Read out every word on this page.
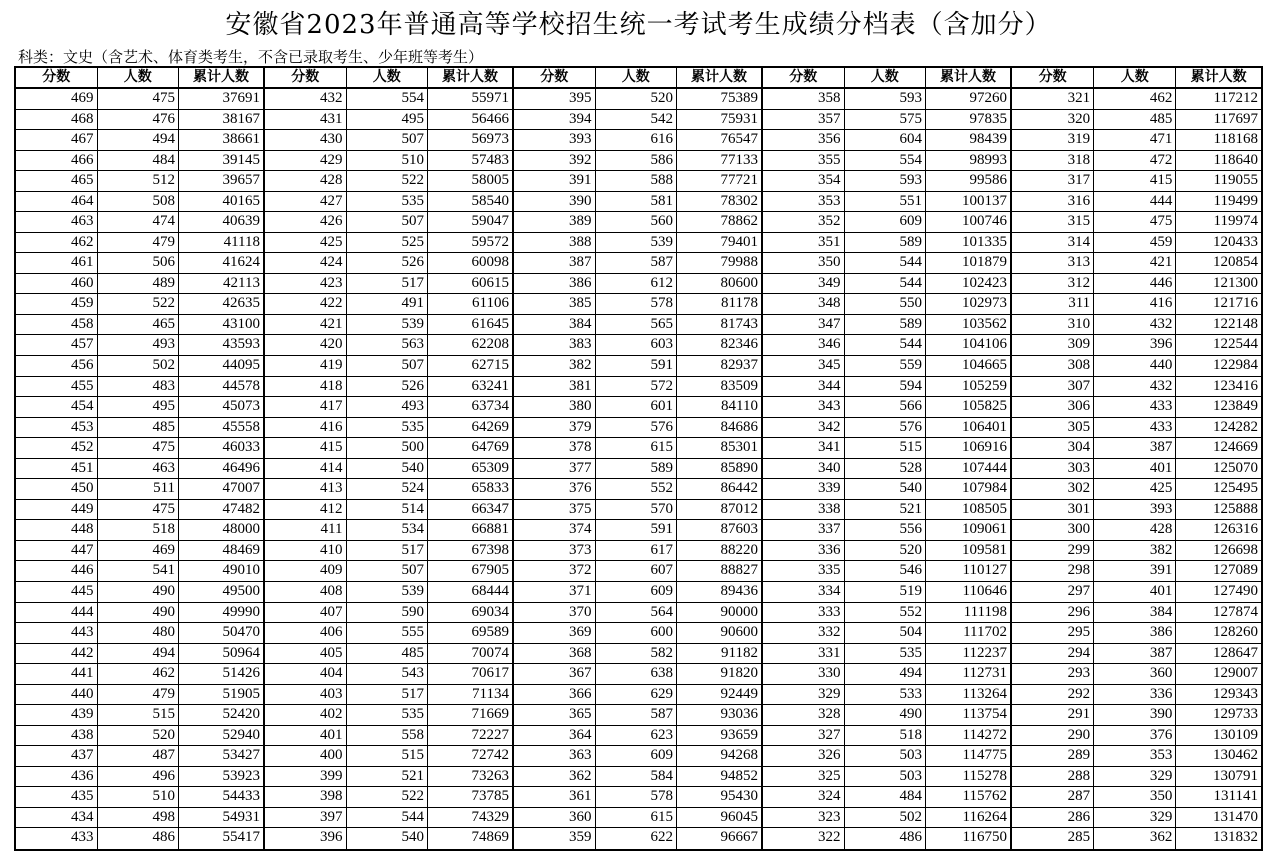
安徽省2023年普通高等学校招生统一考试考生成绩分档表（含加分）
科类：文史（含艺术、体育类考生，不含已录取考生、少年班等考生）
分数	人数	累计人数
469	475	37691
468	476	38167
467	494	38661
466	484	39145
465	512	39657
464	508	40165
463	474	40639
462	479	41118
461	506	41624
460	489	42113
459	522	42635
458	465	43100
457	493	43593
456	502	44095
455	483	44578
454	495	45073
453	485	45558
452	475	46033
451	463	46496
450	511	47007
449	475	47482
448	518	48000
447	469	48469
446	541	49010
445	490	49500
444	490	49990
443	480	50470
442	494	50964
441	462	51426
440	479	51905
439	515	52420
438	520	52940
437	487	53427
436	496	53923
435	510	54433
434	498	54931
433	486	55417
分数	人数	累计人数
432	554	55971
431	495	56466
430	507	56973
429	510	57483
428	522	58005
427	535	58540
426	507	59047
425	525	59572
424	526	60098
423	517	60615
422	491	61106
421	539	61645
420	563	62208
419	507	62715
418	526	63241
417	493	63734
416	535	64269
415	500	64769
414	540	65309
413	524	65833
412	514	66347
411	534	66881
410	517	67398
409	507	67905
408	539	68444
407	590	69034
406	555	69589
405	485	70074
404	543	70617
403	517	71134
402	535	71669
401	558	72227
400	515	72742
399	521	73263
398	522	73785
397	544	74329
396	540	74869
分数	人数	累计人数
395	520	75389
394	542	75931
393	616	76547
392	586	77133
391	588	77721
390	581	78302
389	560	78862
388	539	79401
387	587	79988
386	612	80600
385	578	81178
384	565	81743
383	603	82346
382	591	82937
381	572	83509
380	601	84110
379	576	84686
378	615	85301
377	589	85890
376	552	86442
375	570	87012
374	591	87603
373	617	88220
372	607	88827
371	609	89436
370	564	90000
369	600	90600
368	582	91182
367	638	91820
366	629	92449
365	587	93036
364	623	93659
363	609	94268
362	584	94852
361	578	95430
360	615	96045
359	622	96667
分数	人数	累计人数
358	593	97260
357	575	97835
356	604	98439
355	554	98993
354	593	99586
353	551	100137
352	609	100746
351	589	101335
350	544	101879
349	544	102423
348	550	102973
347	589	103562
346	544	104106
345	559	104665
344	594	105259
343	566	105825
342	576	106401
341	515	106916
340	528	107444
339	540	107984
338	521	108505
337	556	109061
336	520	109581
335	546	110127
334	519	110646
333	552	111198
332	504	111702
331	535	112237
330	494	112731
329	533	113264
328	490	113754
327	518	114272
326	503	114775
325	503	115278
324	484	115762
323	502	116264
322	486	116750
分数	人数	累计人数
321	462	117212
320	485	117697
319	471	118168
318	472	118640
317	415	119055
316	444	119499
315	475	119974
314	459	120433
313	421	120854
312	446	121300
311	416	121716
310	432	122148
309	396	122544
308	440	122984
307	432	123416
306	433	123849
305	433	124282
304	387	124669
303	401	125070
302	425	125495
301	393	125888
300	428	126316
299	382	126698
298	391	127089
297	401	127490
296	384	127874
295	386	128260
294	387	128647
293	360	129007
292	336	129343
291	390	129733
290	376	130109
289	353	130462
288	329	130791
287	350	131141
286	329	131470
285	362	131832
